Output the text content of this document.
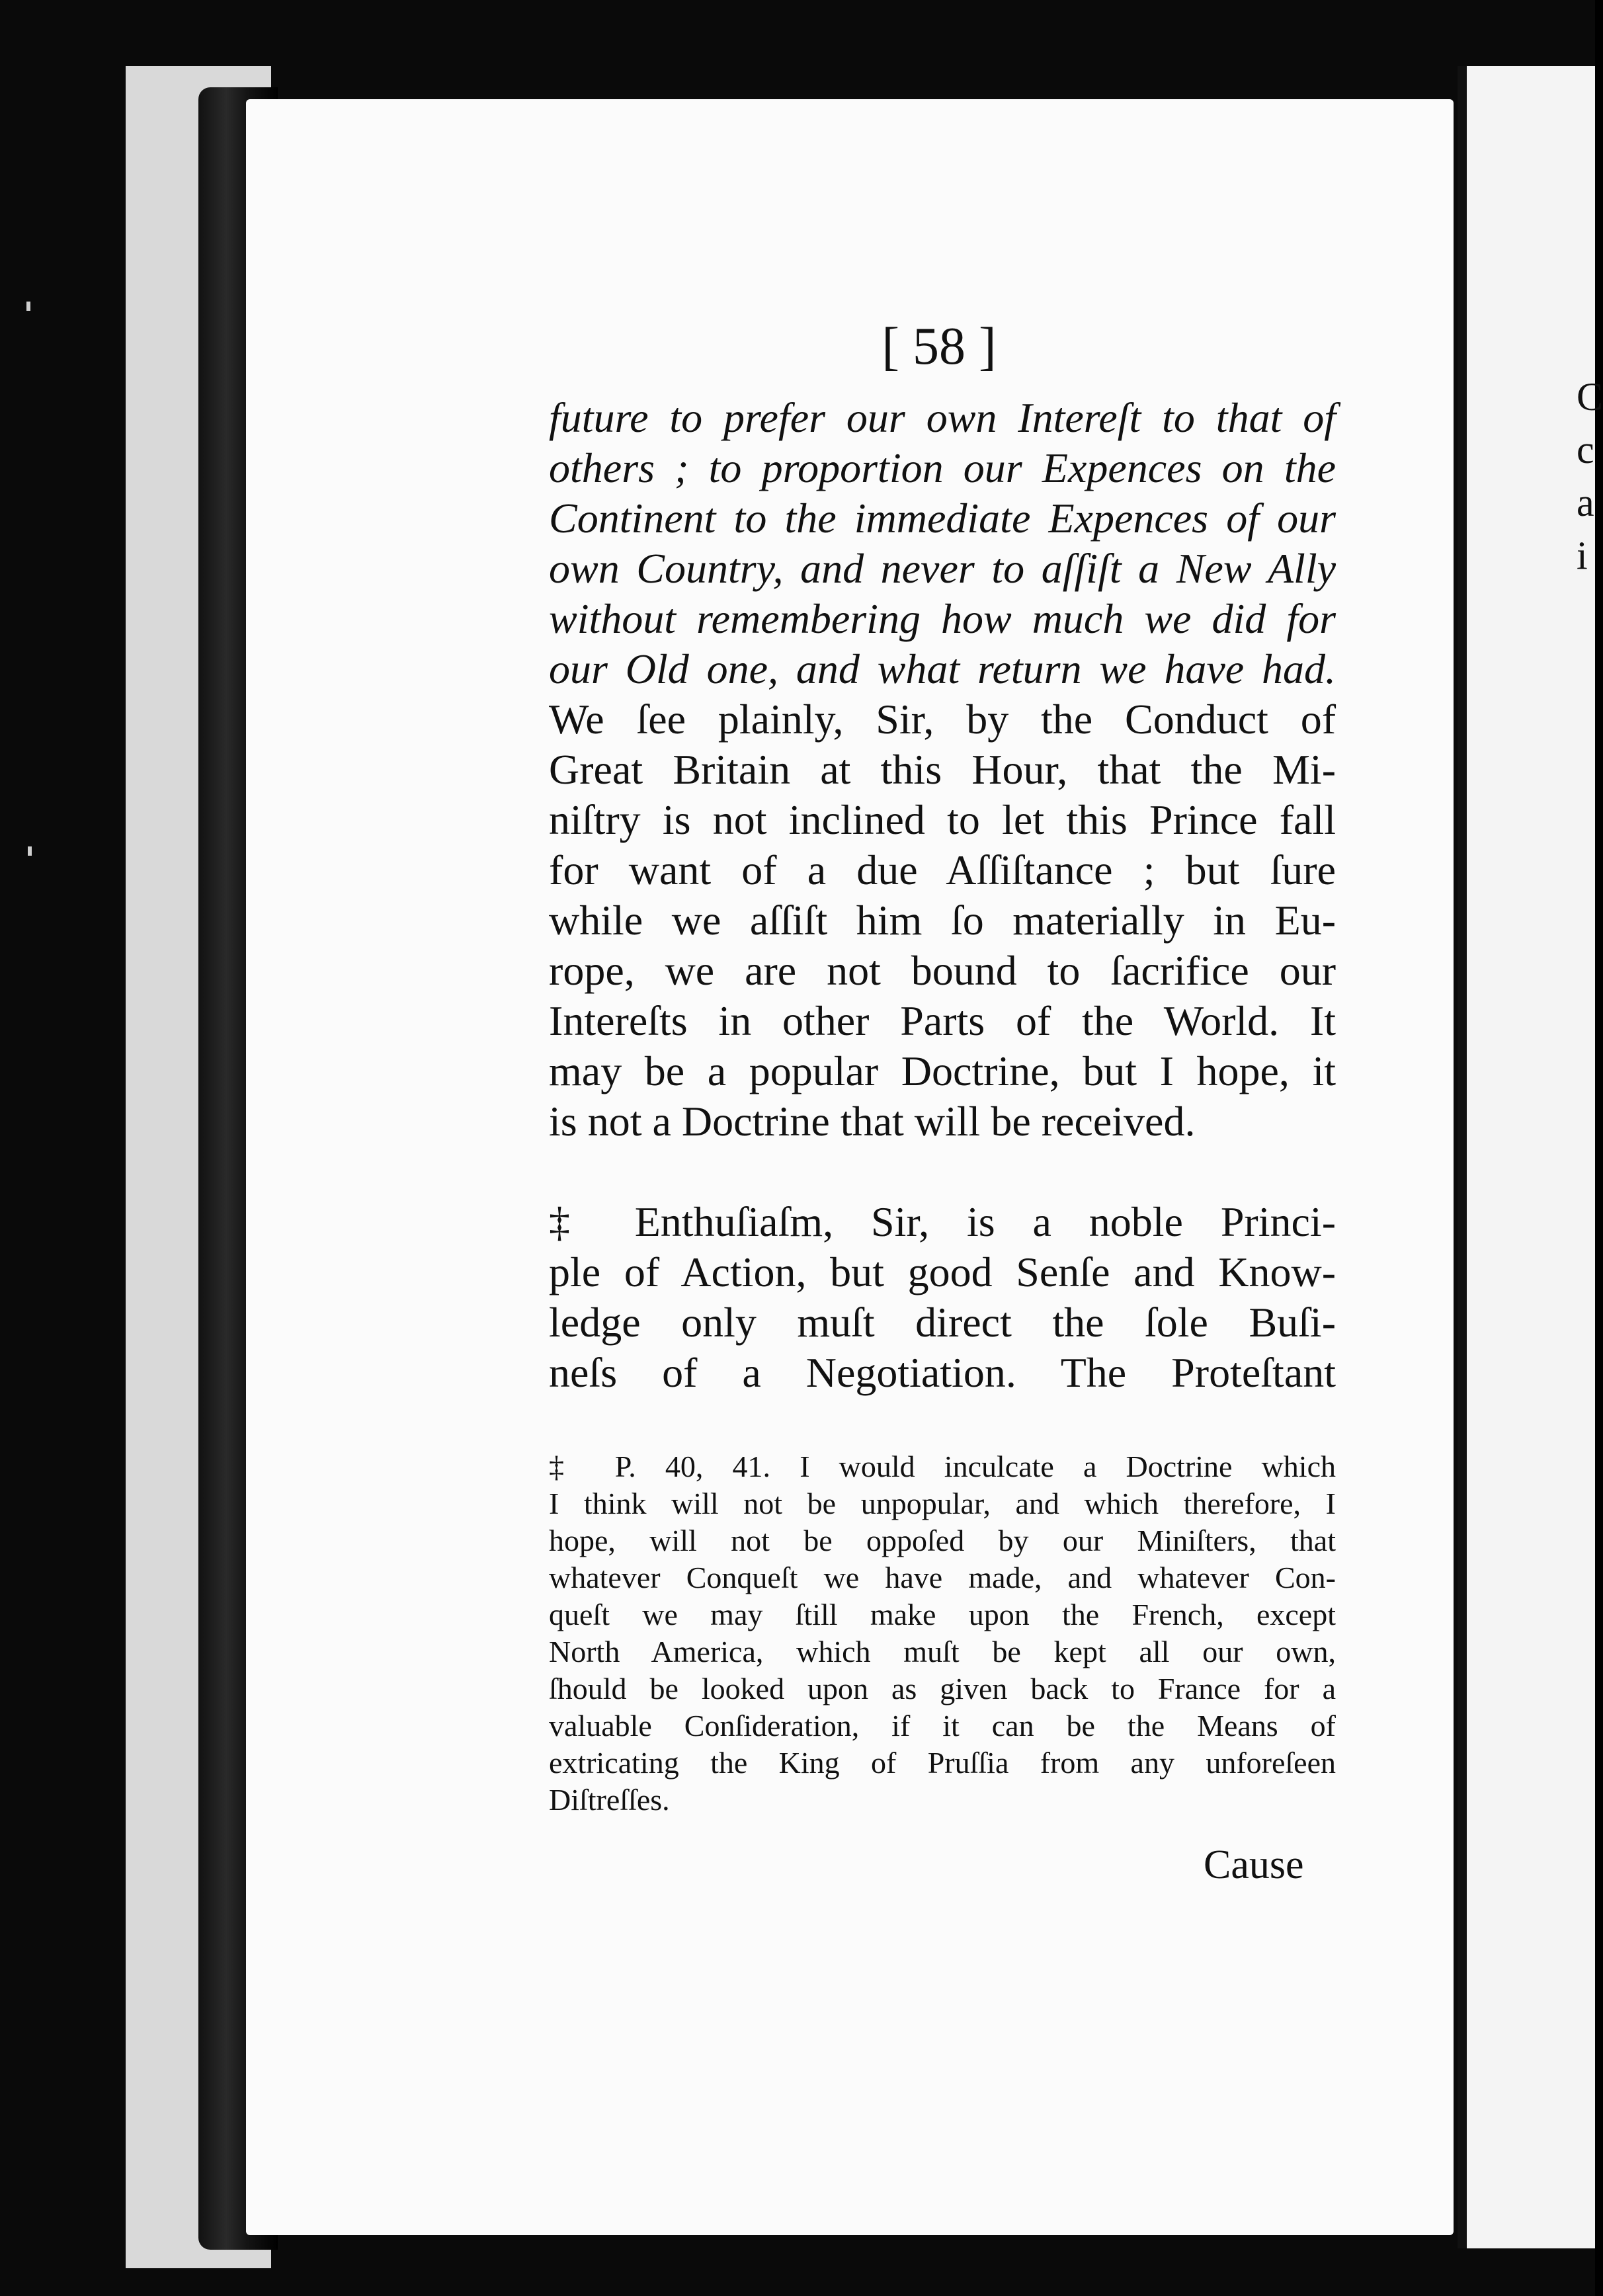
C
c
a
i
[ 58 ]
future to prefer our own Intereſt to that of
others ; to proportion our Expences on the
Continent to the immediate Expences of our
own Country, and never to aſſiſt a New Ally
without remembering how much we did for
our Old one, and what return we have had.
We ſee plainly, Sir, by the Conduct of
Great Britain at this Hour, that the Mi-
niſtry is not inclined to let this Prince fall
for want of a due Aſſiſtance ; but ſure
while we aſſiſt him ſo materially in Eu-
rope, we are not bound to ſacrifice our
Intereſts in other Parts of the World. It
may be a popular Doctrine, but I hope, it
is not a Doctrine that will be received.
‡ Enthuſiaſm, Sir, is a noble Princi-
ple of Action, but good Senſe and Know-
ledge only muſt direct the ſole Buſi-
neſs of a Negotiation. The Proteſtant
‡ P. 40, 41. I would inculcate a Doctrine which
I think will not be unpopular, and which therefore, I
hope, will not be oppoſed by our Miniſters, that
whatever Conqueſt we have made, and whatever Con-
queſt we may ſtill make upon the French, except
North America, which muſt be kept all our own,
ſhould be looked upon as given back to France for a
valuable Conſideration, if it can be the Means of
extricating the King of Pruſſia from any unforeſeen
Diſtreſſes.
Cause
